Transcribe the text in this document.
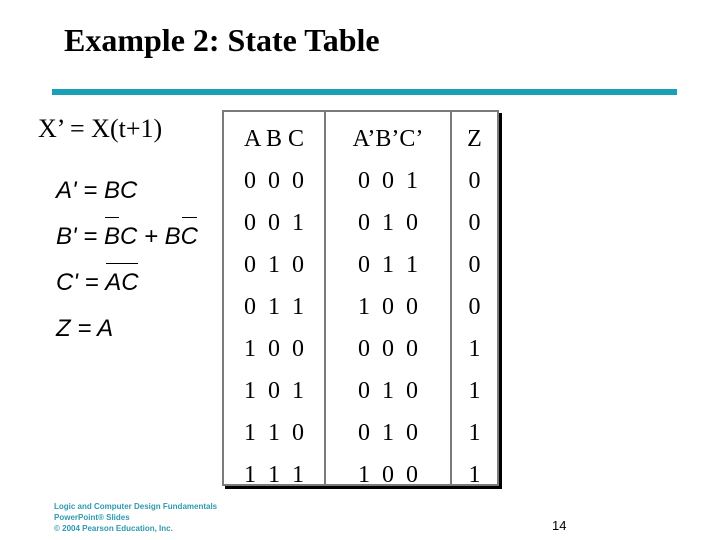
Example 2: State Table
X’ = X(t+1)
A' = BC
B' = BC + BC
C' = AC
Z = A
A B C
0  0  0
0  0  1
0  1  0
0  1  1
1  0  0
1  0  1
1  1  0
1  1  1
A’B’C’
0  0  1
0  1  0
0  1  1
1  0  0
0  0  0
0  1  0
0  1  0
1  0  0
Z
0
0
0
0
1
1
1
1
Logic and Computer Design Fundamentals
PowerPoint® Slides
© 2004 Pearson Education, Inc.	14
